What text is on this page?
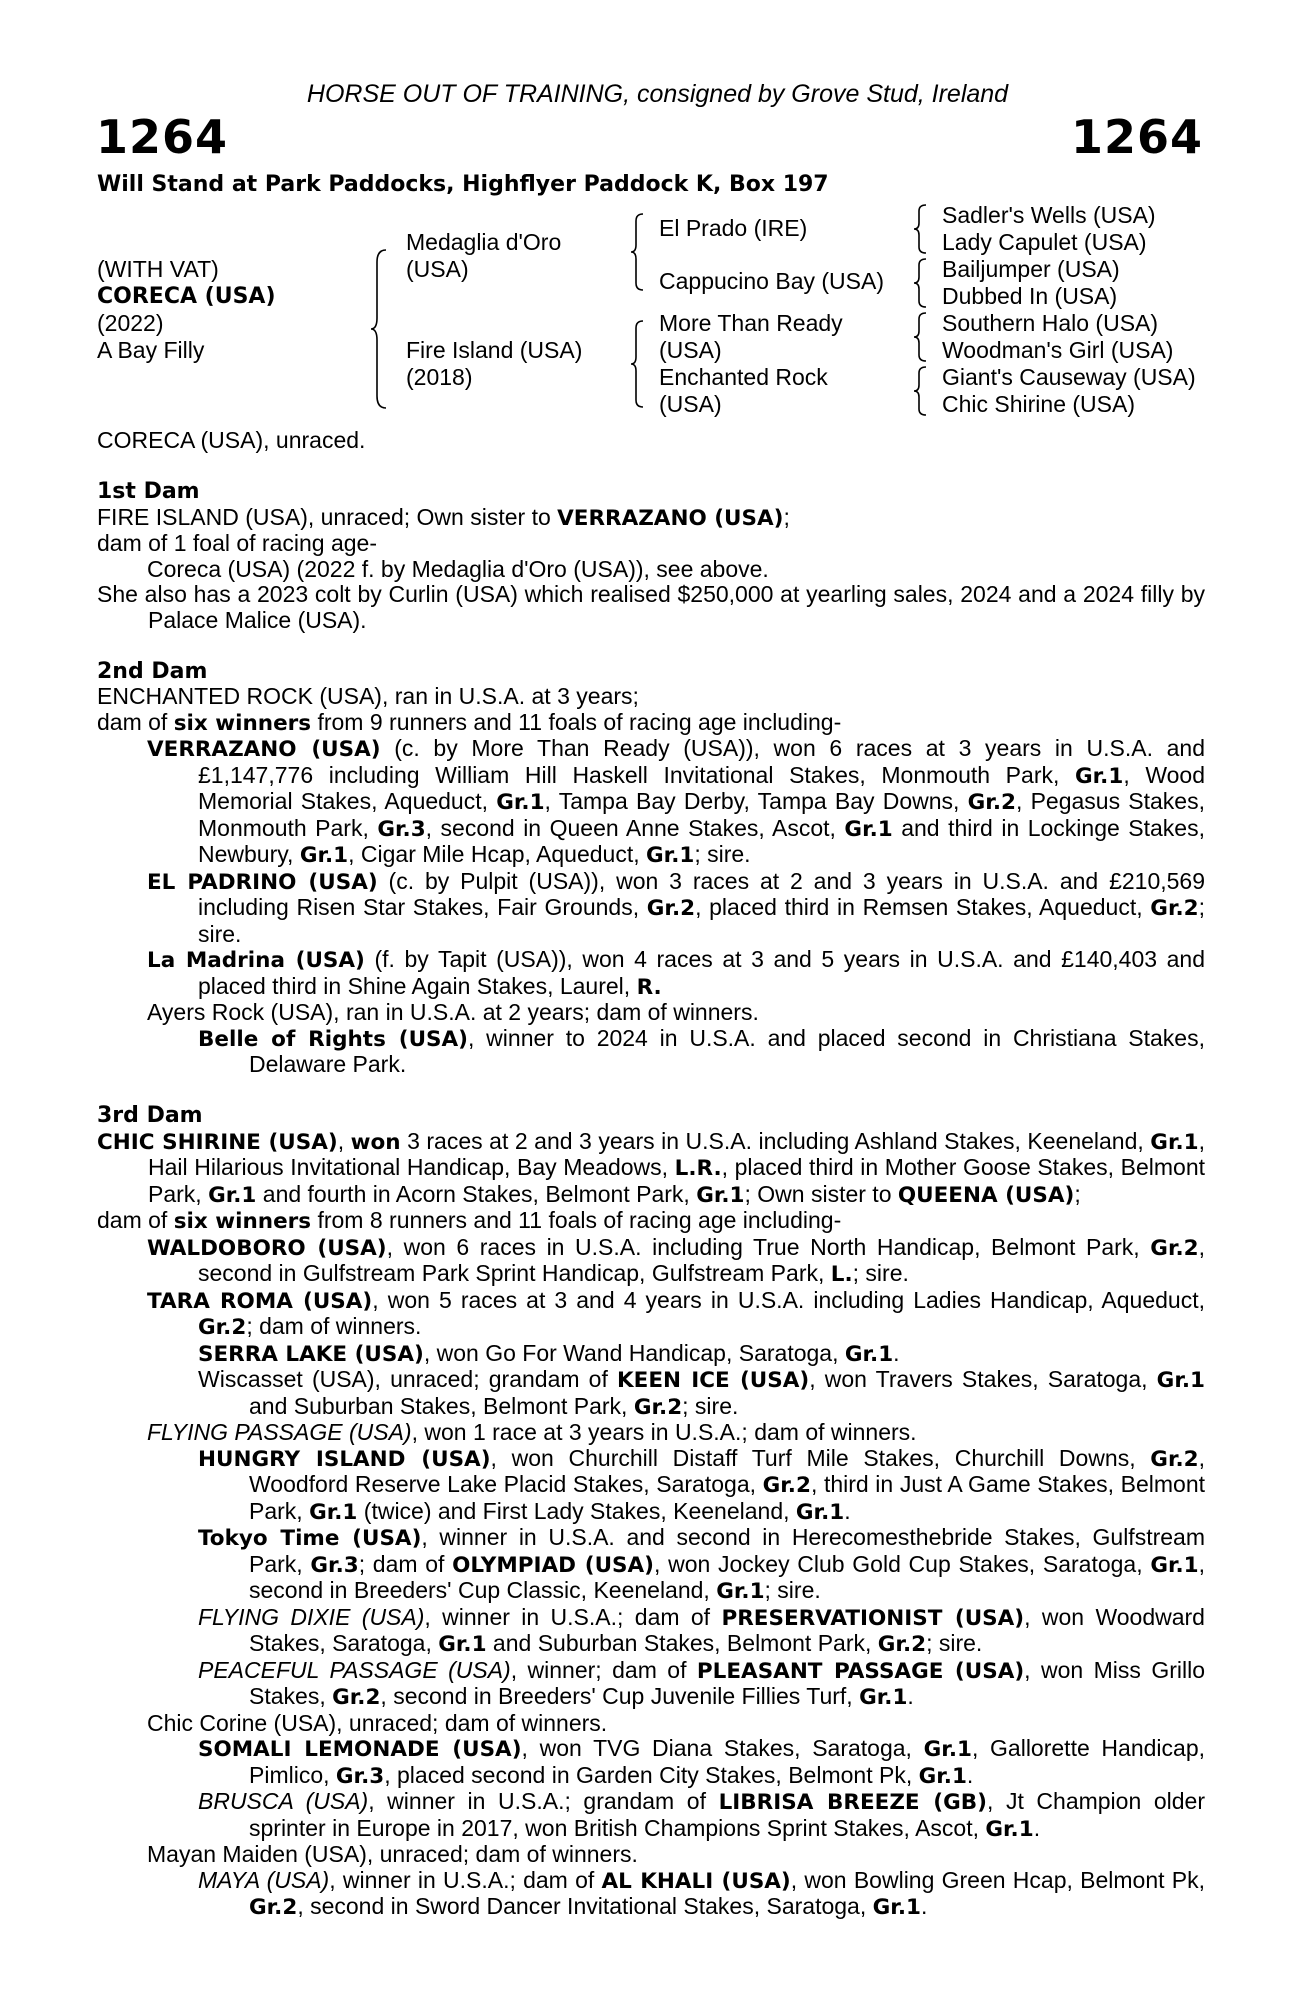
HORSE OUT OF TRAINING, consigned by Grove Stud, Ireland
1264	1264
Will Stand at Park Paddocks, Highflyer Paddock K, Box 197
(WITH VAT)
CORECA (USA)
(2022)
A Bay Filly
Medaglia d'Oro
(USA)
Fire Island (USA)
(2018)
El Prado (IRE)
Cappucino Bay (USA)
More Than Ready
(USA)
Enchanted Rock
(USA)
Sadler's Wells (USA)
Lady Capulet (USA)
Bailjumper (USA)
Dubbed In (USA)
Southern Halo (USA)
Woodman's Girl (USA)
Giant's Causeway (USA)
Chic Shirine (USA)

CORECA (USA), unraced.

1st Dam

FIRE ISLAND (USA), unraced; Own sister to VERRAZANO (USA);

dam of 1 foal of racing age-

Coreca (USA) (2022 f. by Medaglia d'Oro (USA)), see above.

She also has a 2023 colt by Curlin (USA) which realised $250,000 at yearling sales, 2024 and a 2024 filly by Palace Malice (USA).

2nd Dam

ENCHANTED ROCK (USA), ran in U.S.A. at 3 years;

dam of six winners from 9 runners and 11 foals of racing age including-

VERRAZANO (USA) (c. by More Than Ready (USA)), won 6 races at 3 years in U.S.A. and £1,147,776 including William Hill Haskell Invitational Stakes, Monmouth Park, Gr.1, Wood Memorial Stakes, Aqueduct, Gr.1, Tampa Bay Derby, Tampa Bay Downs, Gr.2, Pegasus Stakes, Monmouth Park, Gr.3, second in Queen Anne Stakes, Ascot, Gr.1 and third in Lockinge Stakes, Newbury, Gr.1, Cigar Mile Hcap, Aqueduct, Gr.1; sire.

EL PADRINO (USA) (c. by Pulpit (USA)), won 3 races at 2 and 3 years in U.S.A. and £210,569 including Risen Star Stakes, Fair Grounds, Gr.2, placed third in Remsen Stakes, Aqueduct, Gr.2; sire.

La Madrina (USA) (f. by Tapit (USA)), won 4 races at 3 and 5 years in U.S.A. and £140,403 and placed third in Shine Again Stakes, Laurel, R.

Ayers Rock (USA), ran in U.S.A. at 2 years; dam of winners.

Belle of Rights (USA), winner to 2024 in U.S.A. and placed second in Christiana Stakes, Delaware Park.

3rd Dam

CHIC SHIRINE (USA), won 3 races at 2 and 3 years in U.S.A. including Ashland Stakes, Keeneland, Gr.1, Hail Hilarious Invitational Handicap, Bay Meadows, L.R., placed third in Mother Goose Stakes, Belmont Park, Gr.1 and fourth in Acorn Stakes, Belmont Park, Gr.1; Own sister to QUEENA (USA);

dam of six winners from 8 runners and 11 foals of racing age including-

WALDOBORO (USA), won 6 races in U.S.A. including True North Handicap, Belmont Park, Gr.2, second in Gulfstream Park Sprint Handicap, Gulfstream Park, L.; sire.

TARA ROMA (USA), won 5 races at 3 and 4 years in U.S.A. including Ladies Handicap, Aqueduct, Gr.2; dam of winners.

SERRA LAKE (USA), won Go For Wand Handicap, Saratoga, Gr.1.

Wiscasset (USA), unraced; grandam of KEEN ICE (USA), won Travers Stakes, Saratoga, Gr.1 and Suburban Stakes, Belmont Park, Gr.2; sire.

FLYING PASSAGE (USA), won 1 race at 3 years in U.S.A.; dam of winners.

HUNGRY ISLAND (USA), won Churchill Distaff Turf Mile Stakes, Churchill Downs, Gr.2, Woodford Reserve Lake Placid Stakes, Saratoga, Gr.2, third in Just A Game Stakes, Belmont Park, Gr.1 (twice) and First Lady Stakes, Keeneland, Gr.1.

Tokyo Time (USA), winner in U.S.A. and second in Herecomesthebride Stakes, Gulfstream Park, Gr.3; dam of OLYMPIAD (USA), won Jockey Club Gold Cup Stakes, Saratoga, Gr.1, second in Breeders' Cup Classic, Keeneland, Gr.1; sire.

FLYING DIXIE (USA), winner in U.S.A.; dam of PRESERVATIONIST (USA), won Woodward Stakes, Saratoga, Gr.1 and Suburban Stakes, Belmont Park, Gr.2; sire.

PEACEFUL PASSAGE (USA), winner; dam of PLEASANT PASSAGE (USA), won Miss Grillo Stakes, Gr.2, second in Breeders' Cup Juvenile Fillies Turf, Gr.1.

Chic Corine (USA), unraced; dam of winners.

SOMALI LEMONADE (USA), won TVG Diana Stakes, Saratoga, Gr.1, Gallorette Handicap, Pimlico, Gr.3, placed second in Garden City Stakes, Belmont Pk, Gr.1.

BRUSCA (USA), winner in U.S.A.; grandam of LIBRISA BREEZE (GB), Jt Champion older sprinter in Europe in 2017, won British Champions Sprint Stakes, Ascot, Gr.1.

Mayan Maiden (USA), unraced; dam of winners.

MAYA (USA), winner in U.S.A.; dam of AL KHALI (USA), won Bowling Green Hcap, Belmont Pk, Gr.2, second in Sword Dancer Invitational Stakes, Saratoga, Gr.1.
